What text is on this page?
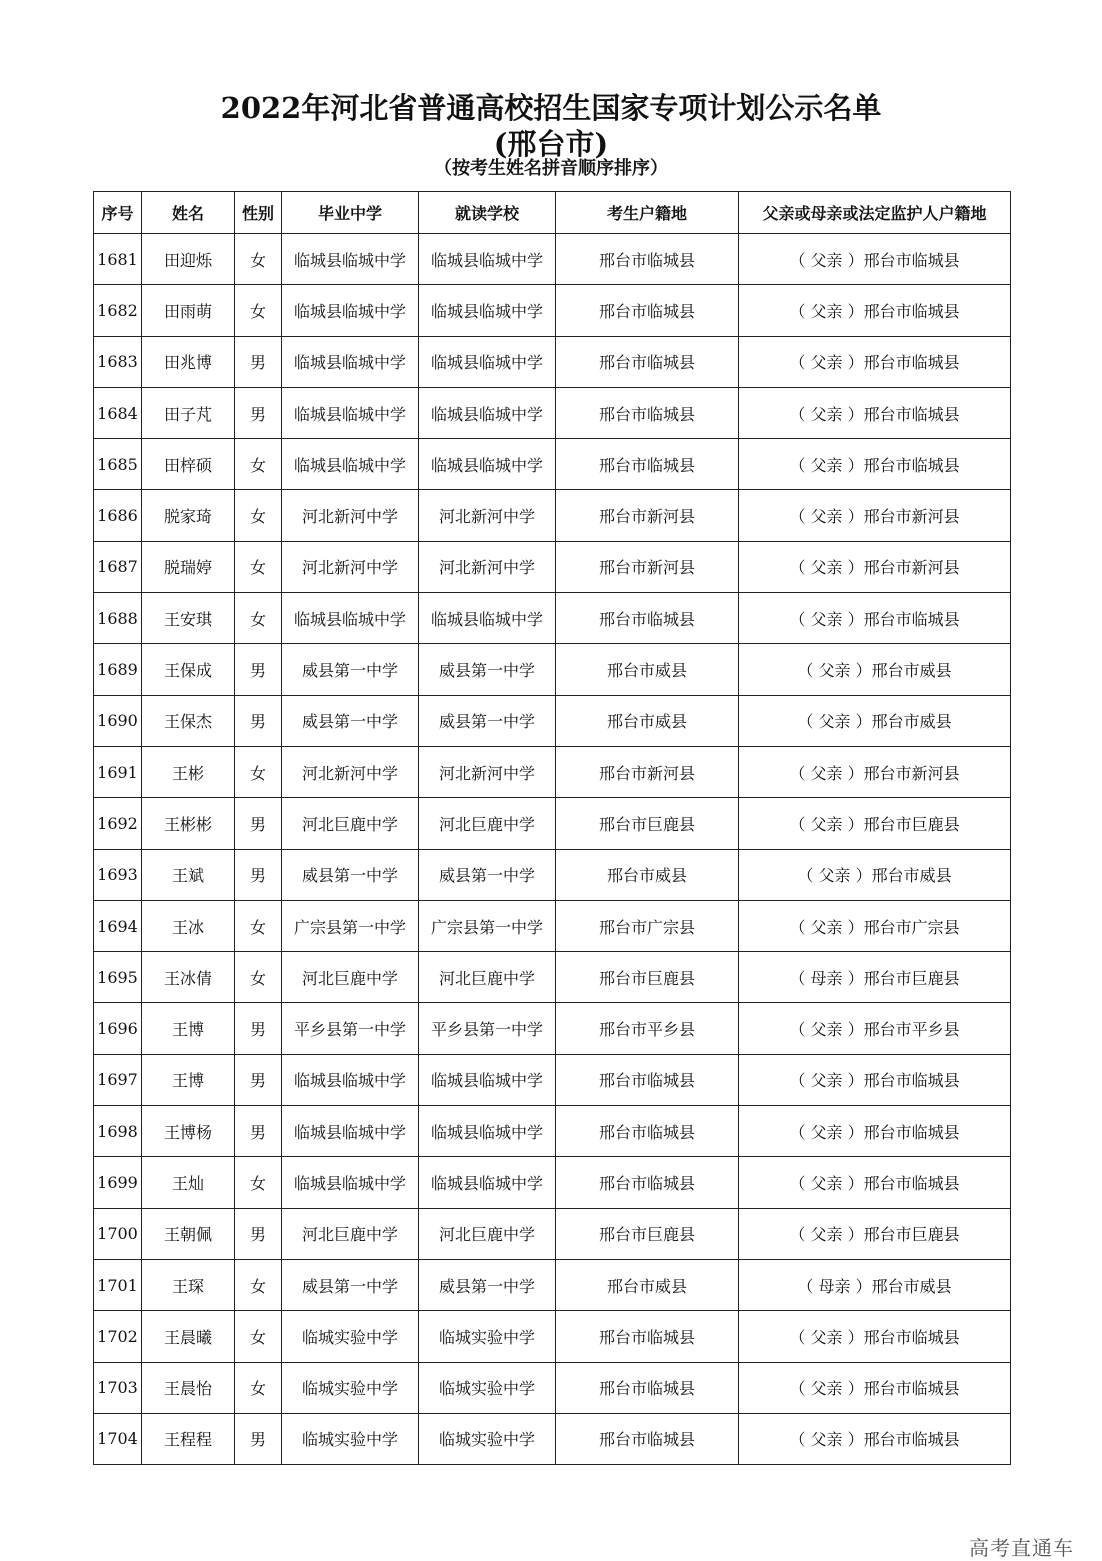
2022年河北省普通高校招生国家专项计划公示名单
(邢台市)
（按考生姓名拼音顺序排序）
序号	姓名	性别	毕业中学	就读学校	考生户籍地	父亲或母亲或法定监护人户籍地
1681	田迎烁	女	临城县临城中学	临城县临城中学	邢台市临城县	（ 父亲 ）邢台市临城县
1682	田雨萌	女	临城县临城中学	临城县临城中学	邢台市临城县	（ 父亲 ）邢台市临城县
1683	田兆博	男	临城县临城中学	临城县临城中学	邢台市临城县	（ 父亲 ）邢台市临城县
1684	田子芃	男	临城县临城中学	临城县临城中学	邢台市临城县	（ 父亲 ）邢台市临城县
1685	田梓硕	女	临城县临城中学	临城县临城中学	邢台市临城县	（ 父亲 ）邢台市临城县
1686	脱家琦	女	河北新河中学	河北新河中学	邢台市新河县	（ 父亲 ）邢台市新河县
1687	脱瑞婷	女	河北新河中学	河北新河中学	邢台市新河县	（ 父亲 ）邢台市新河县
1688	王安琪	女	临城县临城中学	临城县临城中学	邢台市临城县	（ 父亲 ）邢台市临城县
1689	王保成	男	威县第一中学	威县第一中学	邢台市威县	（ 父亲 ）邢台市威县
1690	王保杰	男	威县第一中学	威县第一中学	邢台市威县	（ 父亲 ）邢台市威县
1691	王彬	女	河北新河中学	河北新河中学	邢台市新河县	（ 父亲 ）邢台市新河县
1692	王彬彬	男	河北巨鹿中学	河北巨鹿中学	邢台市巨鹿县	（ 父亲 ）邢台市巨鹿县
1693	王斌	男	威县第一中学	威县第一中学	邢台市威县	（ 父亲 ）邢台市威县
1694	王冰	女	广宗县第一中学	广宗县第一中学	邢台市广宗县	（ 父亲 ）邢台市广宗县
1695	王冰倩	女	河北巨鹿中学	河北巨鹿中学	邢台市巨鹿县	（ 母亲 ）邢台市巨鹿县
1696	王博	男	平乡县第一中学	平乡县第一中学	邢台市平乡县	（ 父亲 ）邢台市平乡县
1697	王博	男	临城县临城中学	临城县临城中学	邢台市临城县	（ 父亲 ）邢台市临城县
1698	王博杨	男	临城县临城中学	临城县临城中学	邢台市临城县	（ 父亲 ）邢台市临城县
1699	王灿	女	临城县临城中学	临城县临城中学	邢台市临城县	（ 父亲 ）邢台市临城县
1700	王朝佩	男	河北巨鹿中学	河北巨鹿中学	邢台市巨鹿县	（ 父亲 ）邢台市巨鹿县
1701	王琛	女	威县第一中学	威县第一中学	邢台市威县	（ 母亲 ）邢台市威县
1702	王晨曦	女	临城实验中学	临城实验中学	邢台市临城县	（ 父亲 ）邢台市临城县
1703	王晨怡	女	临城实验中学	临城实验中学	邢台市临城县	（ 父亲 ）邢台市临城县
1704	王程程	男	临城实验中学	临城实验中学	邢台市临城县	（ 父亲 ）邢台市临城县
高考直通车
